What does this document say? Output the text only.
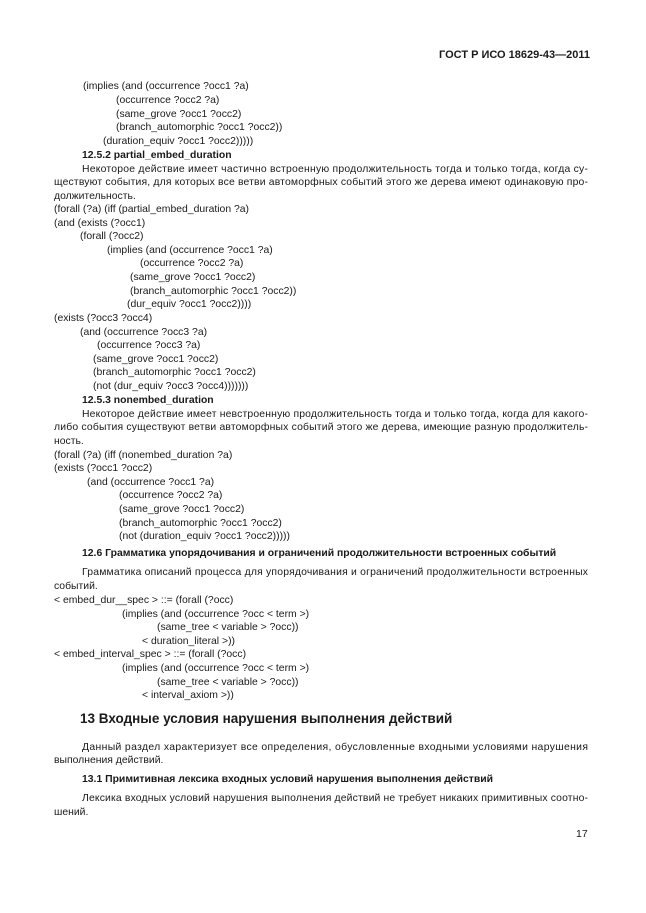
ГОСТ Р ИСО 18629-43—2011
(implies (and (occurrence ?occ1 ?a)
(occurrence ?occ2 ?a)
(same_grove ?occ1 ?occ2)
(branch_automorphic ?occ1 ?occ2))
(duration_equiv ?occ1 ?occ2)))))
12.5.2 partial_embed_duration
Некоторое действие имеет частично встроенную продолжительность тогда и только тогда, когда су-
ществуют события, для которых все ветви автоморфных событий этого же дерева имеют одинаковую про-
должительность.
(forall (?a) (iff (partial_embed_duration ?a)
(and (exists (?occ1)
(forall (?occ2)
(implies (and (occurrence ?occ1 ?a)
(occurrence ?occ2 ?a)
(same_grove ?occ1 ?occ2)
(branch_automorphic ?occ1 ?occ2))
(dur_equiv ?occ1 ?occ2))))
(exists (?occ3 ?occ4)
(and (occurrence ?occ3 ?a)
(occurrence ?occ3 ?a)
(same_grove ?occ1 ?occ2)
(branch_automorphic ?occ1 ?occ2)
(not (dur_equiv ?occ3 ?occ4)))))))
12.5.3 nonembed_duration
Некоторое действие имеет невстроенную продолжительность тогда и только тогда, когда для какого-
либо события существуют ветви автоморфных событий этого же дерева, имеющие разную продолжитель-
ность.
(forall (?a) (iff (nonembed_duration ?a)
(exists (?occ1 ?occ2)
(and (occurrence ?occ1 ?a)
(occurrence ?occ2 ?a)
(same_grove ?occ1 ?occ2)
(branch_automorphic ?occ1 ?occ2)
(not (duration_equiv ?occ1 ?occ2)))))
12.6 Грамматика упорядочивания и ограничений продолжительности встроенных событий
Грамматика описаний процесса для упорядочивания и ограничений продолжительности встроенных
событий.
< embed_dur__spec > ::= (forall (?occ)
(implies (and (occurrence ?occ < term >)
(same_tree < variable > ?occ))
< duration_literal >))
< embed_interval_spec > ::= (forall (?occ)
(implies (and (occurrence ?occ < term >)
(same_tree < variable > ?occ))
< interval_axiom >))
Данный раздел характеризует все определения, обусловленные входными условиями нарушения
выполнения действий.
13.1 Примитивная лексика входных условий нарушения выполнения действий
Лексика входных условий нарушения выполнения действий не требует никаких примитивных соотно-
шений.
13 Входные условия нарушения выполнения действий
17
